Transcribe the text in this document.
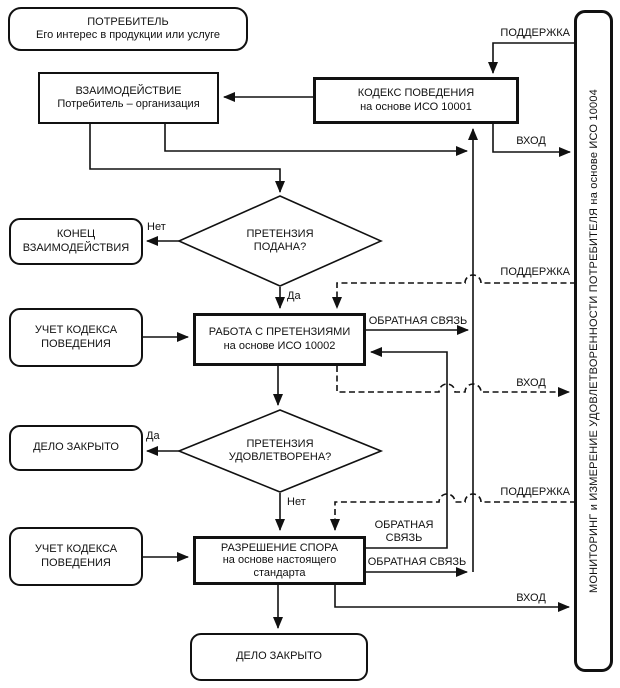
ПОТРЕБИТЕЛЬ
Его интерес в продукции или услуге
ВЗАИМОДЕЙСТВИЕ
Потребитель – организация
КОДЕКС ПОВЕДЕНИЯ
на основе ИСО 10001
КОНЕЦ
ВЗАИМОДЕЙСТВИЯ
ПРЕТЕНЗИЯ
ПОДАНА?
УЧЕТ КОДЕКСА
ПОВЕДЕНИЯ
РАБОТА С ПРЕТЕНЗИЯМИ
на основе ИСО 10002
ДЕЛО ЗАКРЫТО	ПРЕТЕНЗИЯ
УДОВЛЕТВОРЕНА?
УЧЕТ КОДЕКСА
ПОВЕДЕНИЯ
РАЗРЕШЕНИЕ СПОРА
на основе настоящего
стандарта
ДЕЛО ЗАКРЫТО
МОНИТОРИНГ и ИЗМЕРЕНИЕ УДОВЛЕТВОРЕННОСТИ ПОТРЕБИТЕЛЯ на основе ИСО 10004
ПОДДЕРЖКА
ВХОД
Нет
Да
ПОДДЕРЖКА
ОБРАТНАЯ СВЯЗЬ
ВХОД
Да
Нет
ПОДДЕРЖКА
ОБРАТНАЯ
СВЯЗЬ
ОБРАТНАЯ СВЯЗЬ
ВХОД
